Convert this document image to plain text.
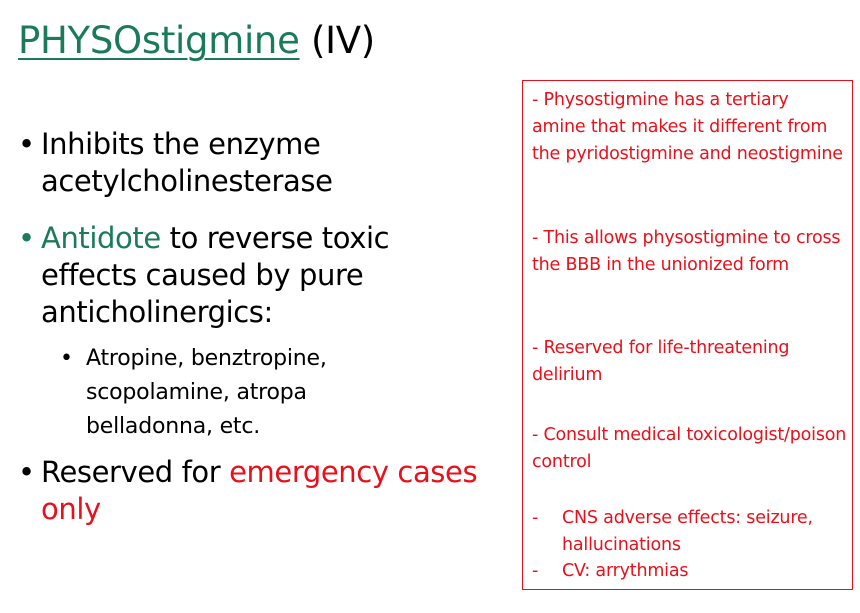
PHYSOstigmine (IV)
• Inhibits the enzyme acetylcholinesterase
• Antidote to reverse toxic effects caused by pure anticholinergics:
• Atropine, benztropine, scopolamine, atropa belladonna, etc.
• Reserved for emergency cases only
- Physostigmine has a tertiary amine that makes it different from the pyridostigmine and neostigmine
- This allows physostigmine to cross the BBB in the unionized form
- Reserved for life-threatening delirium
- Consult medical toxicologist/poison control
- CNS adverse effects: seizure, hallucinations
- CV: arrythmias
